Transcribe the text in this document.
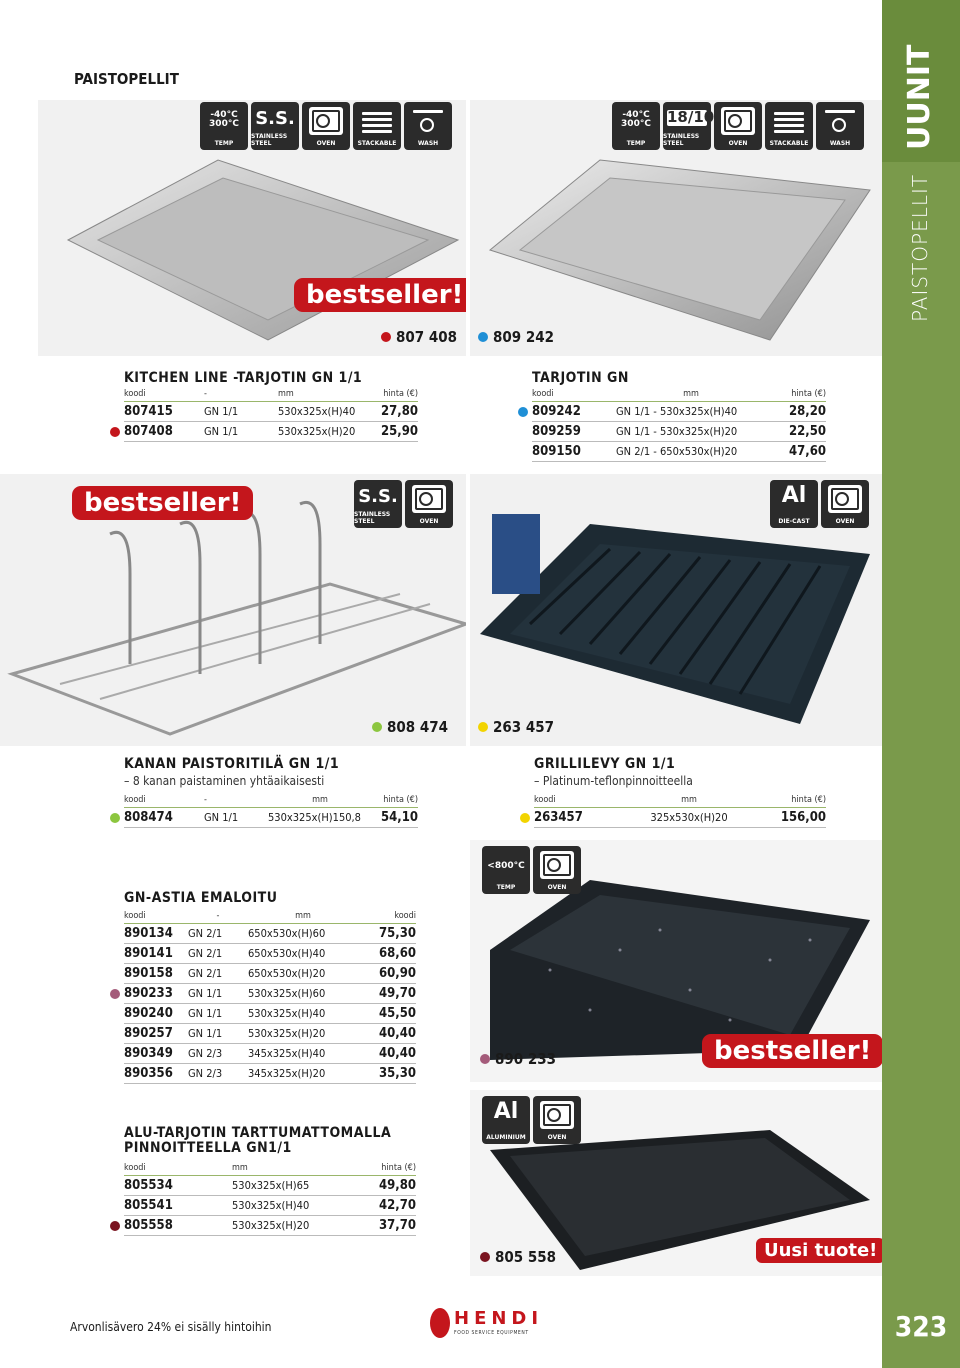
UUNIT
PAISTOPELLIT
323
PAISTOPELLIT
-40°C
300°C
TEMP
S.S.
STAINLESS STEEL	OVEN	STACKABLE	WASH
bestseller!
807 408
-40°C
300°C
TEMP
18/10
STAINLESS STEEL	OVEN	STACKABLE	WASH
809 242
KITCHEN LINE -TARJOTIN GN 1/1
koodi	-	mm	hinta (€)
807415	GN 1/1	530x325x(H)40	27,80

807408	GN 1/1	530x325x(H)20	25,90
TARJOTIN GN
koodi	mm	hinta (€)

809242	GN 1/1 - 530x325x(H)40	28,20
809259	GN 1/1 - 530x325x(H)20	22,50
809150	GN 2/1 - 650x530x(H)20	47,60
bestseller!	S.S.
STAINLESS STEEL	OVEN
808 474
Al
DIE-CAST	OVEN
263 457
KANAN PAISTORITILÄ GN 1/1
– 8 kanan paistaminen yhtäaikaisesti
koodi	-	mm	hinta (€)

808474	GN 1/1	530x325x(H)150,8	54,10
GRILLILEVY GN 1/1
– Platinum-teflonpinnoitteella
koodi	mm	hinta (€)

263457	325x530x(H)20	156,00
<800°C
TEMP	OVEN
890 233	bestseller!
GN-ASTIA EMALOITU
koodi	-	mm	koodi
890134	GN 2/1	650x530x(H)60	75,30
890141	GN 2/1	650x530x(H)40	68,60
890158	GN 2/1	650x530x(H)20	60,90

890233	GN 1/1	530x325x(H)60	49,70
890240	GN 1/1	530x325x(H)40	45,50
890257	GN 1/1	530x325x(H)20	40,40
890349	GN 2/3	345x325x(H)40	40,40
890356	GN 2/3	345x325x(H)20	35,30
Al
ALUMINIUM	OVEN
805 558	Uusi tuote!
ALU-TARJOTIN TARTTUMATTOMALLA PINNOITTEELLA GN1/1
koodi	mm	hinta (€)
805534	530x325x(H)65	49,80
805541	530x325x(H)40	42,70

805558	530x325x(H)20	37,70
Arvonlisävero 24% ei sisälly hintoihin	HENDI
FOOD SERVICE EQUIPMENT
